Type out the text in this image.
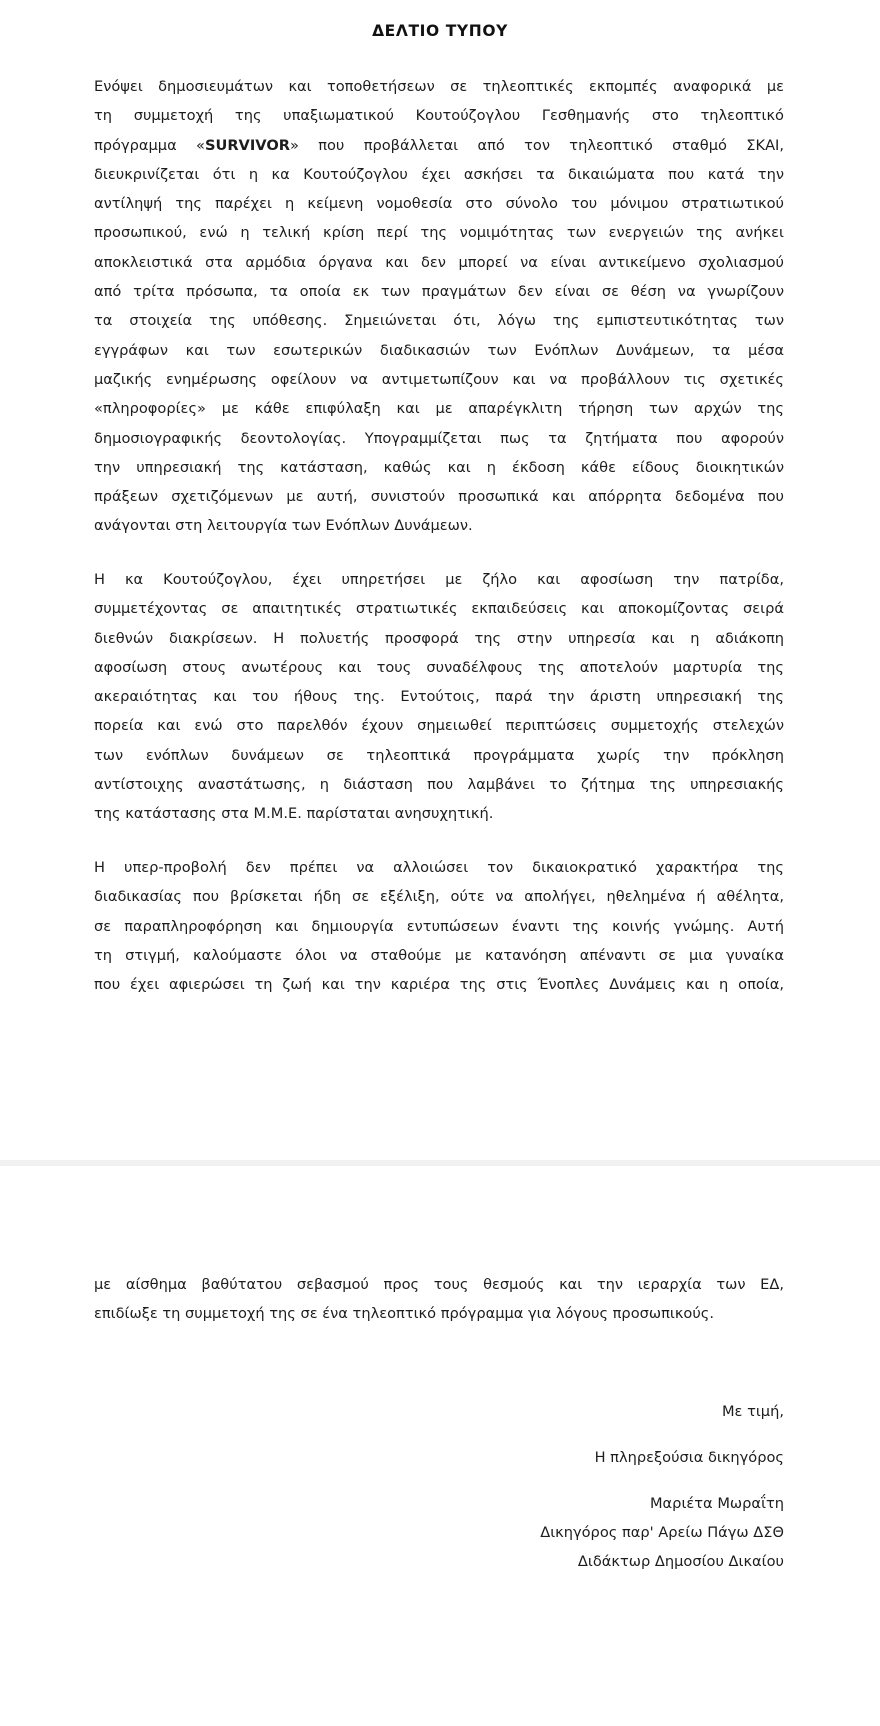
ΔΕΛΤΙΟ ΤΥΠΟΥ
Ενόψει δημοσιευμάτων και τοποθετήσεων σε τηλεοπτικές εκπομπές αναφορικά με
τη συμμετοχή της υπαξιωματικού Κουτούζογλου Γεσθημανής στο τηλεοπτικό
πρόγραμμα «SURVIVOR» που προβάλλεται από τον τηλεοπτικό σταθμό ΣΚΑΙ,
διευκρινίζεται ότι η κα Κουτούζογλου έχει ασκήσει τα δικαιώματα που κατά την
αντίληψή της παρέχει η κείμενη νομοθεσία στο σύνολο του μόνιμου στρατιωτικού
προσωπικού, ενώ η τελική κρίση περί της νομιμότητας των ενεργειών της ανήκει
αποκλειστικά στα αρμόδια όργανα και δεν μπορεί να είναι αντικείμενο σχολιασμού
από τρίτα πρόσωπα, τα οποία εκ των πραγμάτων δεν είναι σε θέση να γνωρίζουν
τα στοιχεία της υπόθεσης. Σημειώνεται ότι, λόγω της εμπιστευτικότητας των
εγγράφων και των εσωτερικών διαδικασιών των Ενόπλων Δυνάμεων, τα μέσα
μαζικής ενημέρωσης οφείλουν να αντιμετωπίζουν και να προβάλλουν τις σχετικές
«πληροφορίες» με κάθε επιφύλαξη και με απαρέγκλιτη τήρηση των αρχών της
δημοσιογραφικής δεοντολογίας. Υπογραμμίζεται πως τα ζητήματα που αφορούν
την υπηρεσιακή της κατάσταση, καθώς και η έκδοση κάθε είδους διοικητικών
πράξεων σχετιζόμενων με αυτή, συνιστούν προσωπικά και απόρρητα δεδομένα που
ανάγονται στη λειτουργία των Ενόπλων Δυνάμεων.
Η κα Κουτούζογλου, έχει υπηρετήσει με ζήλο και αφοσίωση την πατρίδα,
συμμετέχοντας σε απαιτητικές στρατιωτικές εκπαιδεύσεις και αποκομίζοντας σειρά
διεθνών διακρίσεων. Η πολυετής προσφορά της στην υπηρεσία και η αδιάκοπη
αφοσίωση στους ανωτέρους και τους συναδέλφους της αποτελούν μαρτυρία της
ακεραιότητας και του ήθους της. Εντούτοις, παρά την άριστη υπηρεσιακή της
πορεία και ενώ στο παρελθόν έχουν σημειωθεί περιπτώσεις συμμετοχής στελεχών
των ενόπλων δυνάμεων σε τηλεοπτικά προγράμματα χωρίς την πρόκληση
αντίστοιχης αναστάτωσης, η διάσταση που λαμβάνει το ζήτημα της υπηρεσιακής
της κατάστασης στα Μ.Μ.Ε. παρίσταται ανησυχητική.
Η υπερ-προβολή δεν πρέπει να αλλοιώσει τον δικαιοκρατικό χαρακτήρα της
διαδικασίας που βρίσκεται ήδη σε εξέλιξη, ούτε να απολήγει, ηθελημένα ή αθέλητα,
σε παραπληροφόρηση και δημιουργία εντυπώσεων έναντι της κοινής γνώμης. Αυτή
τη στιγμή, καλούμαστε όλοι να σταθούμε με κατανόηση απέναντι σε μια γυναίκα
που έχει αφιερώσει τη ζωή και την καριέρα της στις Ένοπλες Δυνάμεις και η οποία,
με αίσθημα βαθύτατου σεβασμού προς τους θεσμούς και την ιεραρχία των ΕΔ,
επιδίωξε τη συμμετοχή της σε ένα τηλεοπτικό πρόγραμμα για λόγους προσωπικούς.
Με τιμή,
Η πληρεξούσια δικηγόρος
Μαριέτα Μωραΐτη
Δικηγόρος παρ' Αρείω Πάγω ΔΣΘ
Διδάκτωρ Δημοσίου Δικαίου
